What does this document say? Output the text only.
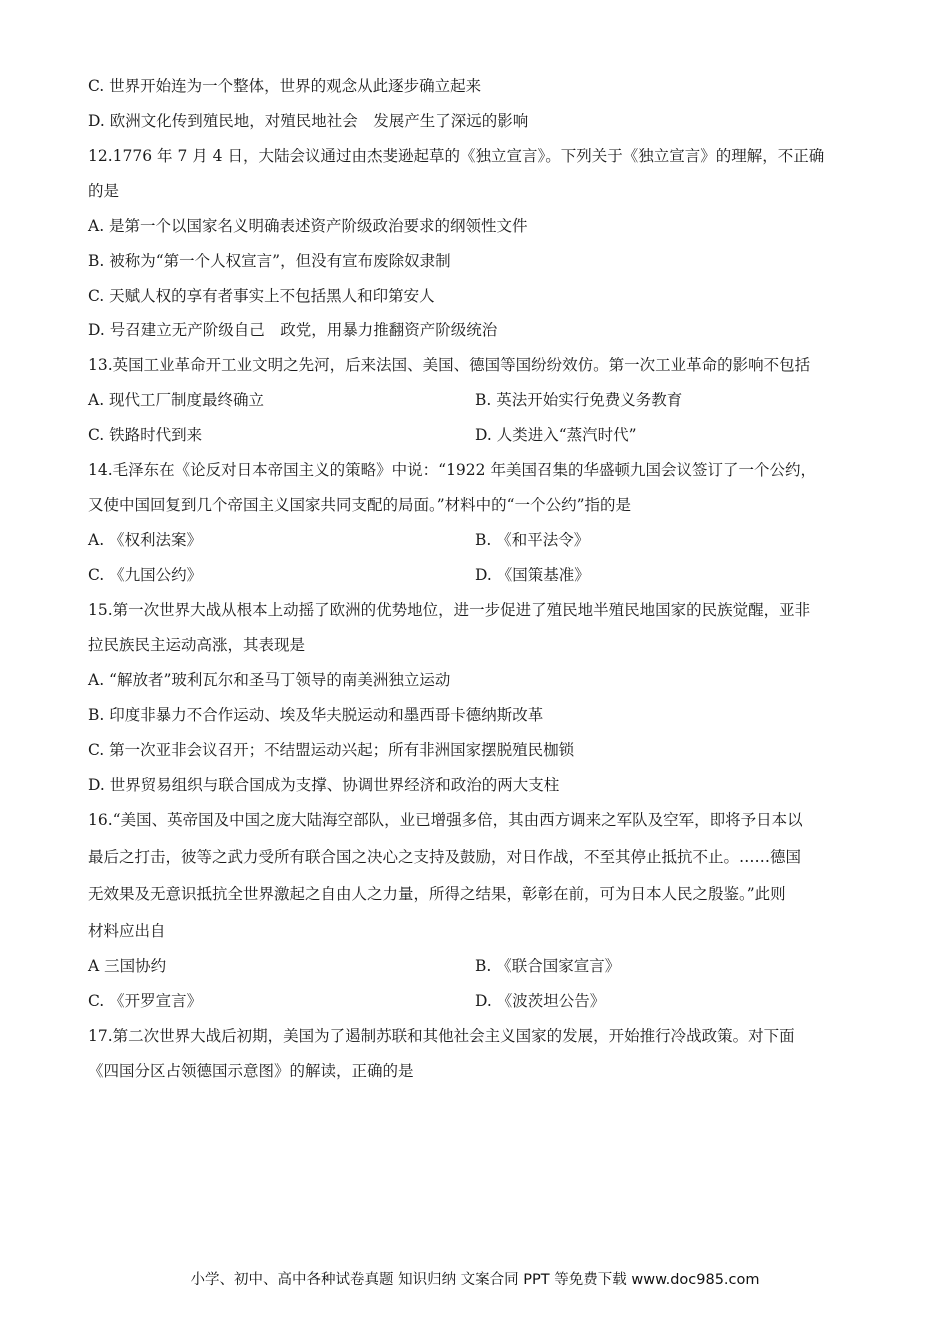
C. 世界开始连为一个整体，世界的观念从此逐步确立起来
D. 欧洲文化传到殖民地，对殖民地社会　发展产生了深远的影响
12.1776 年 7 月 4 日，大陆会议通过由杰斐逊起草的《独立宣言》。下列关于《独立宣言》的理解，不正确
的是
A. 是第一个以国家名义明确表述资产阶级政治要求的纲领性文件
B. 被称为“第一个人权宣言”，但没有宣布废除奴隶制
C. 天赋人权的享有者事实上不包括黑人和印第安人
D. 号召建立无产阶级自己　政党，用暴力推翻资产阶级统治
13.英国工业革命开工业文明之先河，后来法国、美国、德国等国纷纷效仿。第一次工业革命的影响不包括
A. 现代工厂制度最终确立	B. 英法开始实行免费义务教育
C. 铁路时代到来	D. 人类进入“蒸汽时代”
14.毛泽东在《论反对日本帝国主义的策略》中说：“1922 年美国召集的华盛顿九国会议签订了一个公约，
又使中国回复到几个帝国主义国家共同支配的局面。”材料中的“一个公约”指的是
A. 《权利法案》	B. 《和平法令》
C. 《九国公约》	D. 《国策基准》
15.第一次世界大战从根本上动摇了欧洲的优势地位，进一步促进了殖民地半殖民地国家的民族觉醒，亚非
拉民族民主运动高涨，其表现是
A. “解放者”玻利瓦尔和圣马丁领导的南美洲独立运动
B. 印度非暴力不合作运动、埃及华夫脱运动和墨西哥卡德纳斯改革
C. 第一次亚非会议召开；不结盟运动兴起；所有非洲国家摆脱殖民枷锁
D. 世界贸易组织与联合国成为支撑、协调世界经济和政治的两大支柱
16.“美国、英帝国及中国之庞大陆海空部队，业已增强多倍，其由西方调来之军队及空军，即将予日本以
最后之打击，彼等之武力受所有联合国之决心之支持及鼓励，对日作战，不至其停止抵抗不止。……德国
无效果及无意识抵抗全世界激起之自由人之力量，所得之结果，彰彰在前，可为日本人民之殷鉴。”此则
材料应出自
A 三国协约	B. 《联合国家宣言》
C. 《开罗宣言》	D. 《波茨坦公告》
17.第二次世界大战后初期，美国为了遏制苏联和其他社会主义国家的发展，开始推行冷战政策。对下面
《四国分区占领德国示意图》的解读，正确的是
小学、初中、高中各种试卷真题 知识归纳 文案合同 PPT 等免费下载 www.doc985.com
